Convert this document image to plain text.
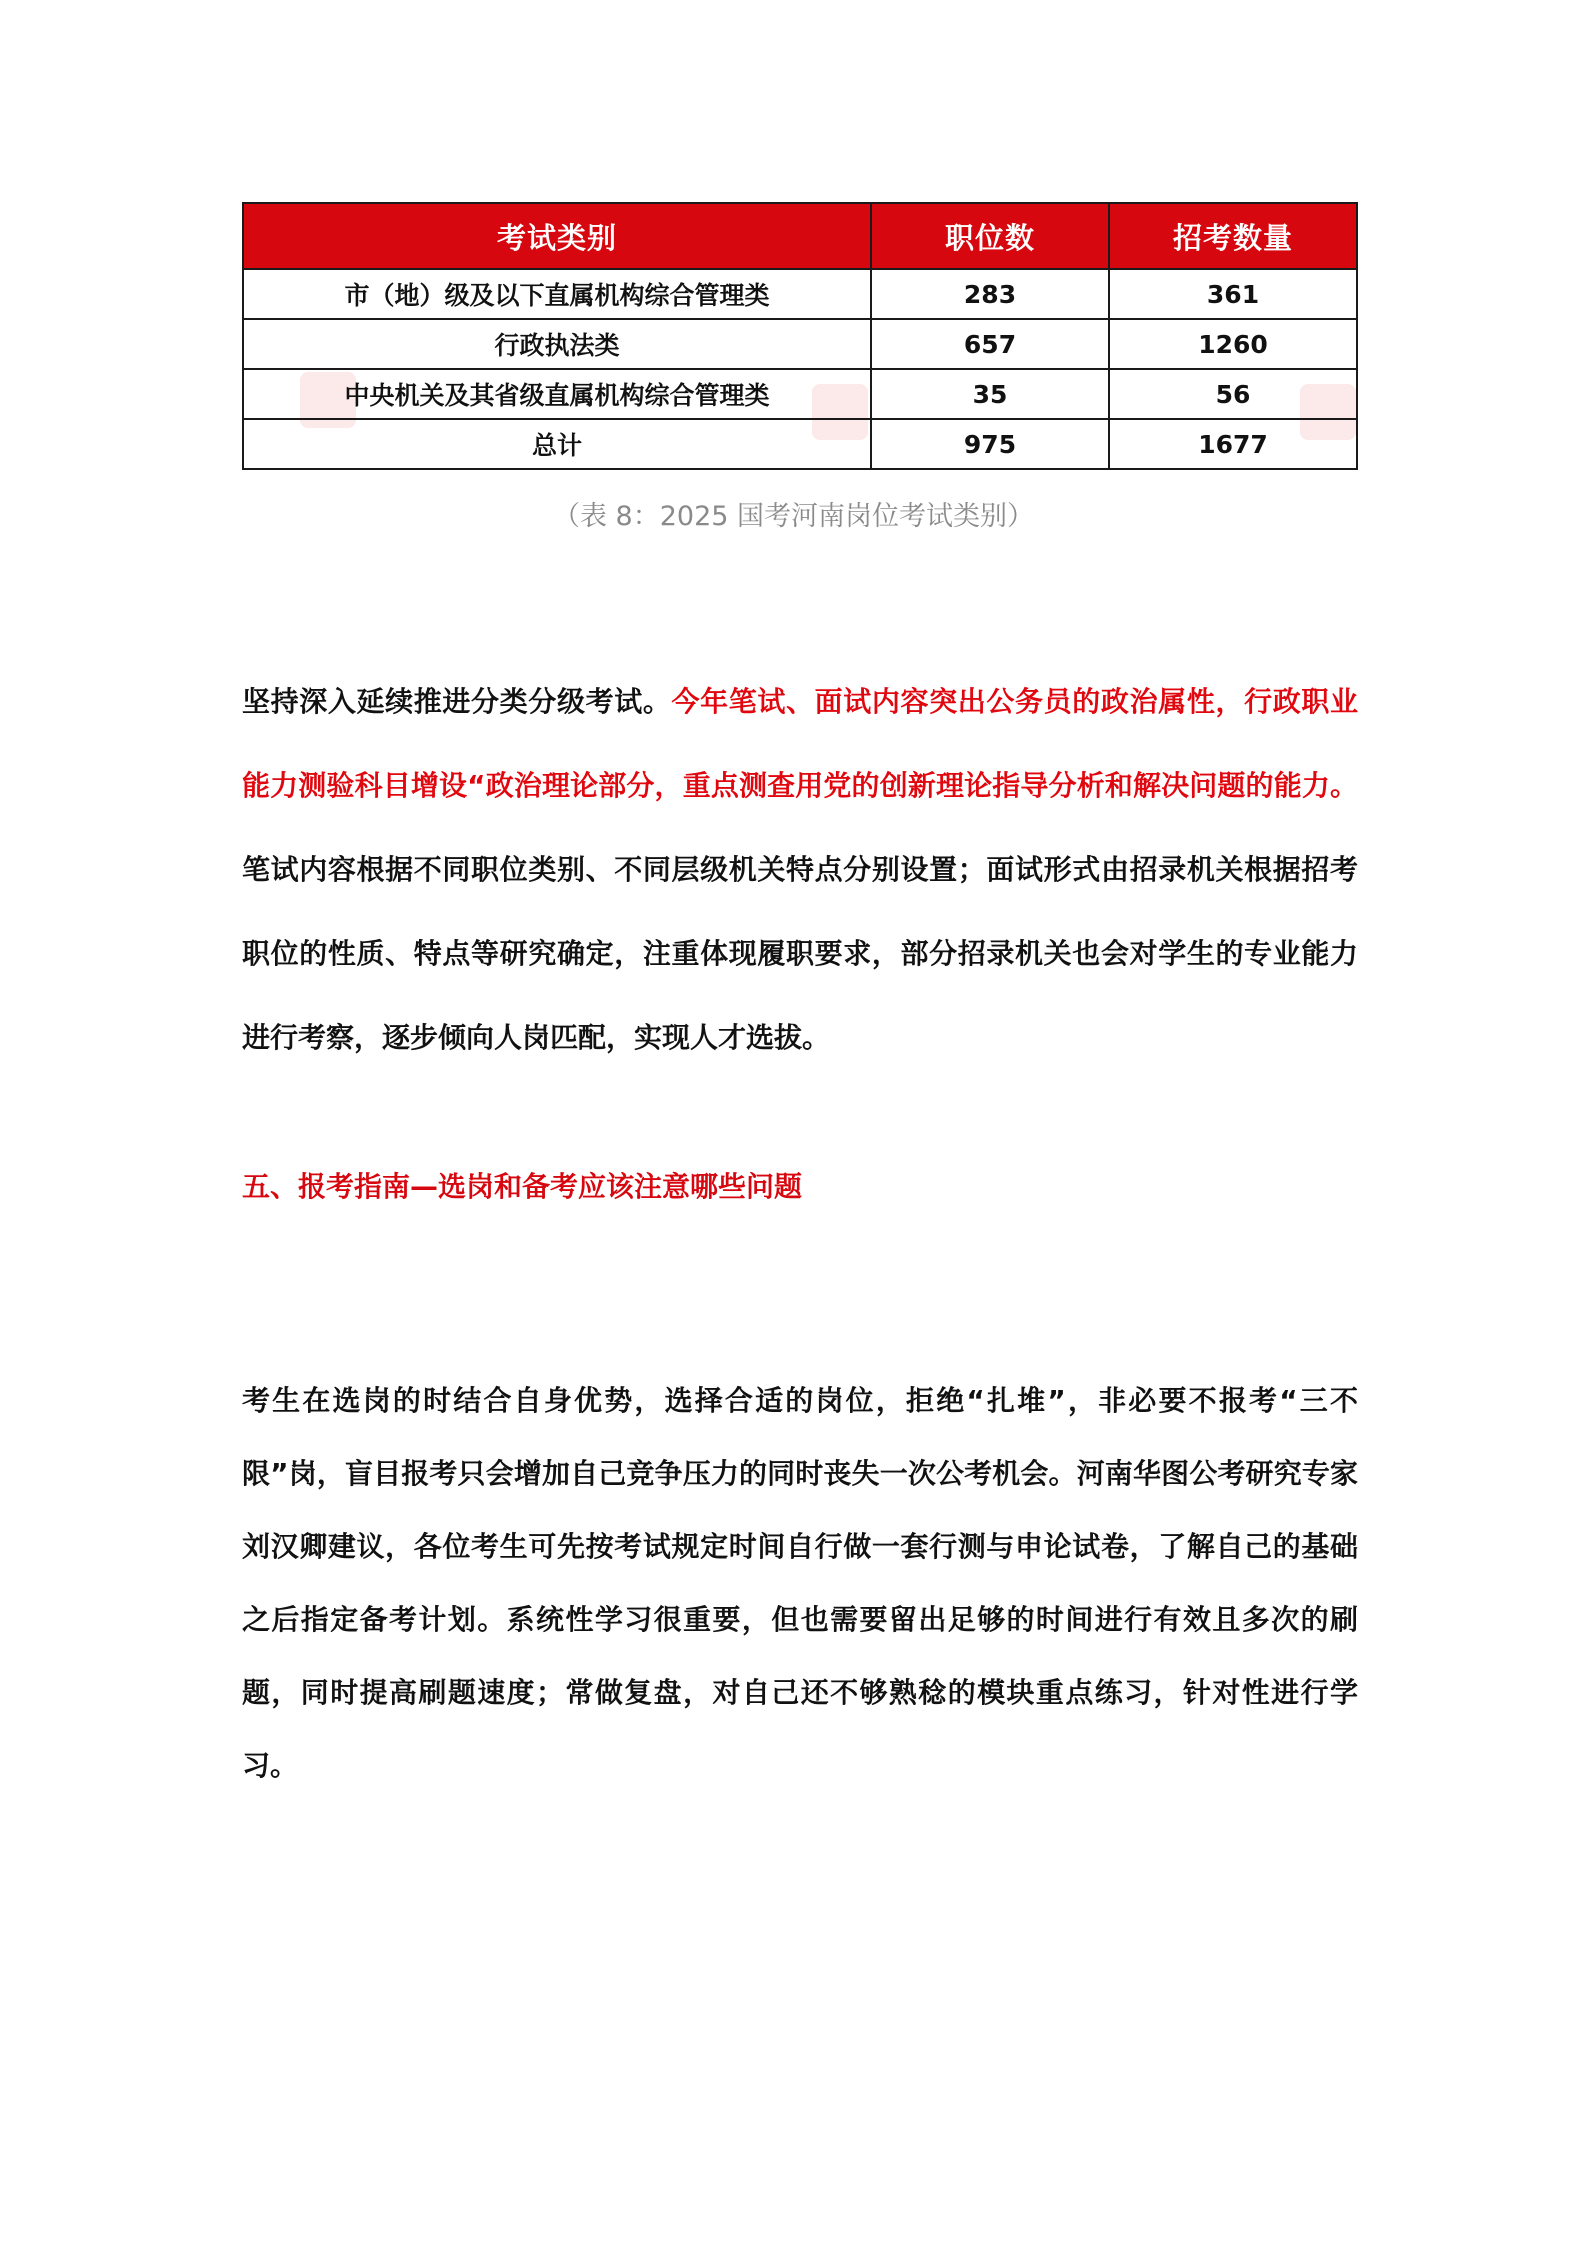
考试类别	职位数	招考数量
市（地）级及以下直属机构综合管理类	283	361
行政执法类	657	1260
中央机关及其省级直属机构综合管理类	35	56
总计	975	1677
（表 8：2025 国考河南岗位考试类别）

坚持深入延续推进分类分级考试。今年笔试、面试内容突出公务员的政治属性，行政职业能力测验科目增设“政治理论部分，重点测查用党的创新理论指导分析和解决问题的能力。笔试内容根据不同职位类别、不同层级机关特点分别设置；面试形式由招录机关根据招考职位的性质、特点等研究确定，注重体现履职要求，部分招录机关也会对学生的专业能力进行考察，逐步倾向人岗匹配，实现人才选拔。

五、报考指南—选岗和备考应该注意哪些问题

考生在选岗的时结合自身优势，选择合适的岗位，拒绝“扎堆”，非必要不报考“三不限”岗，盲目报考只会增加自己竞争压力的同时丧失一次公考机会。河南华图公考研究专家刘汉卿建议，各位考生可先按考试规定时间自行做一套行测与申论试卷，了解自己的基础之后指定备考计划。系统性学习很重要，但也需要留出足够的时间进行有效且多次的刷题，同时提高刷题速度；常做复盘，对自己还不够熟稔的模块重点练习，针对性进行学习。
